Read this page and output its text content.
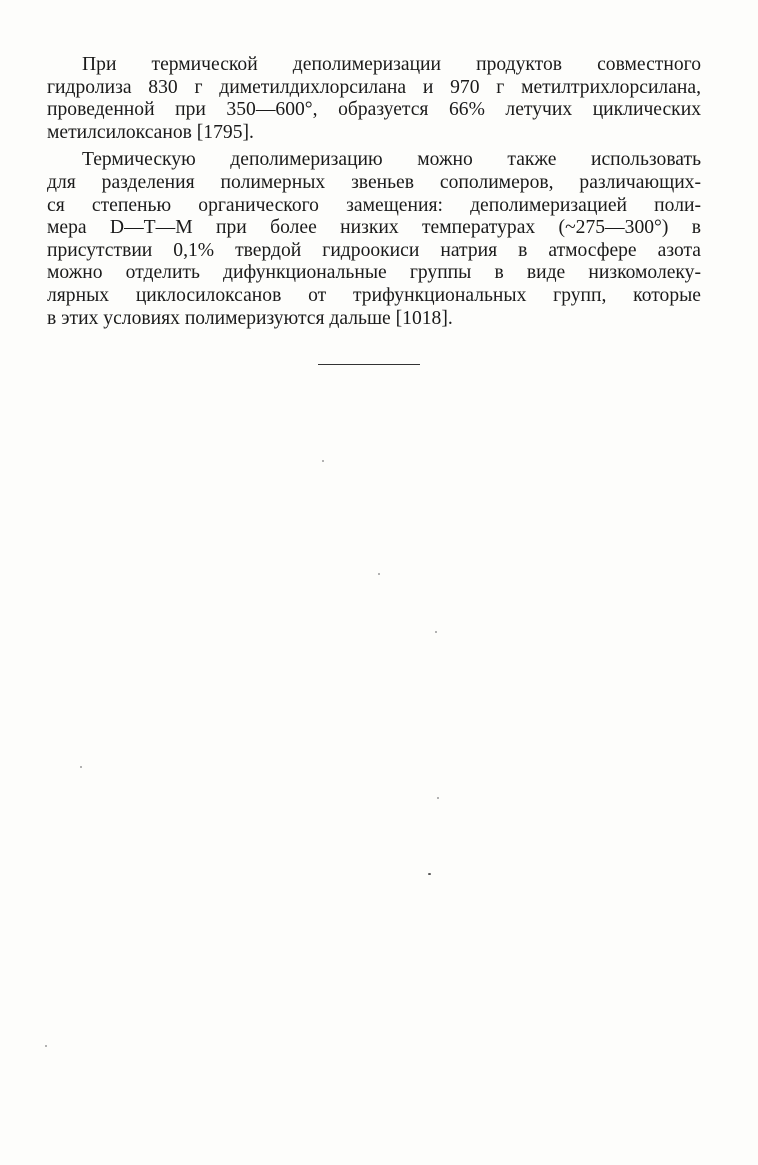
При термической деполимеризации продуктов совместного
гидролиза 830 г диметилдихлорсилана и 970 г метилтрихлорсилана,
проведенной при 350—600°, образуется 66% летучих циклических
метилсилоксанов [1795].

Термическую деполимеризацию можно также использовать
для разделения полимерных звеньев сополимеров, различающих-
ся степенью органического замещения: деполимеризацией поли-
мера D—T—M при более низких температурах (~275—300°) в
присутствии 0,1% твердой гидроокиси натрия в атмосфере азота
можно отделить дифункциональные группы в виде низкомолеку-
лярных циклосилоксанов от трифункциональных групп, которые
в этих условиях полимеризуются дальше [1018].
